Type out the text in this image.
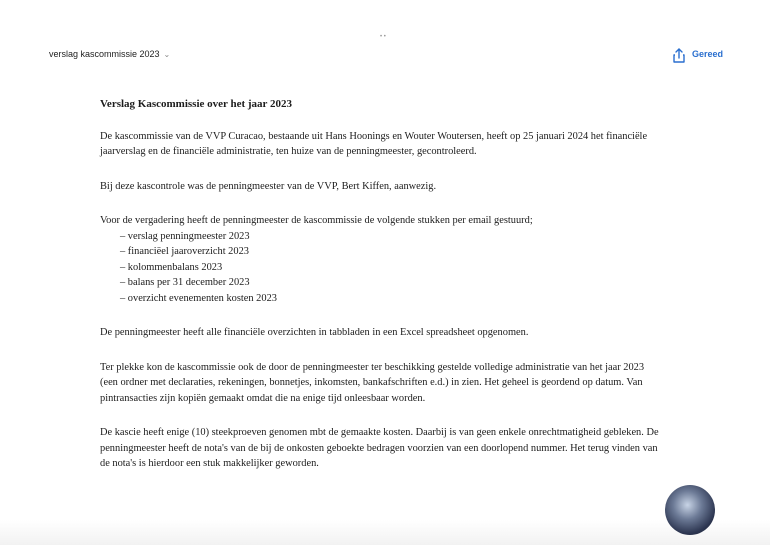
verslag kascommissie 2023 ⌄	Gereed
• •
Verslag Kascommissie over het jaar 2023
De kascommissie van de VVP Curacao, bestaande uit Hans Hoonings en Wouter Woutersen, heeft op 25 januari 2024 het financiële jaarverslag en de financiële administratie, ten huize van de penningmeester, gecontroleerd.
Bij deze kascontrole was de penningmeester van de VVP, Bert Kiffen, aanwezig.
Voor de vergadering heeft de penningmeester de kascommissie de volgende stukken per email gestuurd;
– verslag penningmeester 2023
– financiëel jaaroverzicht 2023
– kolommenbalans 2023
– balans per 31 december 2023
– overzicht evenementen kosten 2023
De penningmeester heeft alle financiële overzichten in tabbladen in een Excel spreadsheet opgenomen.
Ter plekke kon de kascommissie ook de door de penningmeester ter beschikking gestelde volledige administratie van het jaar 2023 (een ordner met declaraties, rekeningen, bonnetjes, inkomsten, bankafschriften e.d.) in zien. Het geheel is geordend op datum. Van pintransacties zijn kopiën gemaakt omdat die na enige tijd onleesbaar worden.
De kascie heeft enige (10) steekproeven genomen mbt de gemaakte kosten. Daarbij is van geen enkele onrechtmatigheid gebleken. De penningmeester heeft de nota's van de bij de onkosten geboekte bedragen voorzien van een doorlopend nummer. Het terug vinden van de nota's is hierdoor een stuk makkelijker geworden.
